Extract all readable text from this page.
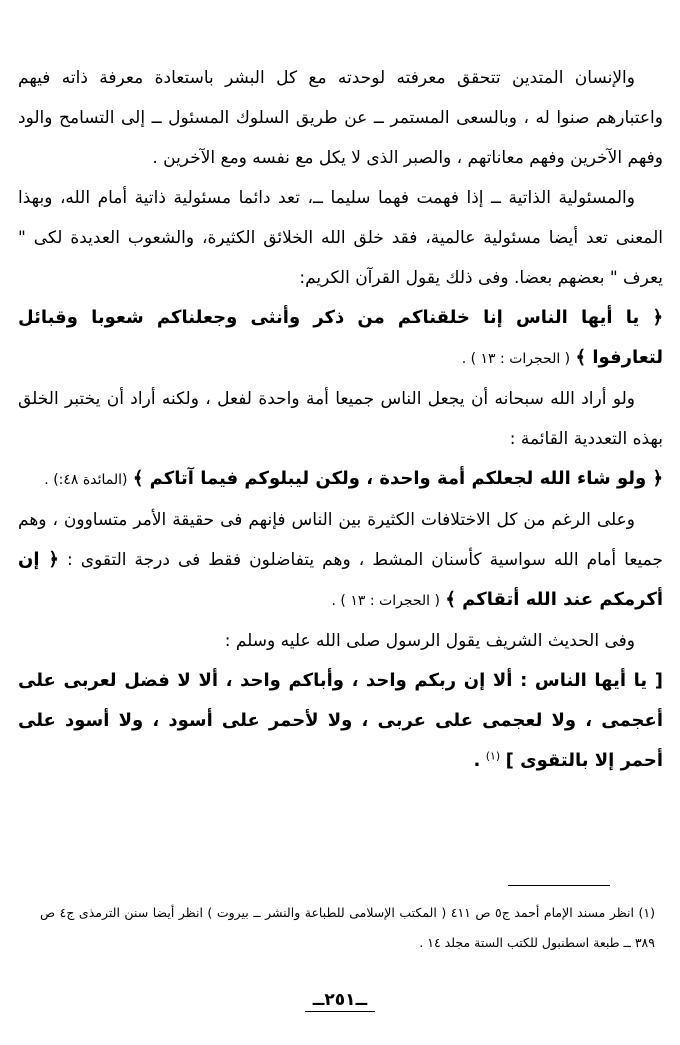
والإنسان المتدين تتحقق معرفته لوحدته مع كل البشر باستعادة معرفة ذاته فيهم واعتبارهم صنوا له ، وبالسعى المستمر ــ عن طريق السلوك المسئول ــ إلى التسامح والود وفهم الآخرين وفهم معاناتهم ، والصبر الذى لا يكل مع نفسه ومع الآخرين .

والمسئولية الذاتية ــ إذا فهمت فهما سليما ــ، تعد دائما مسئولية ذاتية أمام الله، وبهذا المعنى تعد أيضا مسئولية عالمية، فقد خلق الله الخلائق الكثيرة، والشعوب العديدة لكى " يعرف " بعضهم بعضا. وفى ذلك يقول القرآن الكريم:

﴿ يا أيها الناس إنا خلقناكم من ذكر وأنثى وجعلناكم شعوبا وقبائل لتعارفوا ﴾ ( الحجرات : ١٣ ) .

ولو أراد الله سبحانه أن يجعل الناس جميعا أمة واحدة لفعل ، ولكنه أراد أن يختبر الخلق بهذه التعددية القائمة :

﴿ ولو شاء الله لجعلكم أمة واحدة ، ولكن ليبلوكم فيما آتاكم ﴾ (المائدة ٤٨:) .

وعلى الرغم من كل الاختلافات الكثيرة بين الناس فإنهم فى حقيقة الأمر متساوون ، وهم جميعا أمام الله سواسية كأسنان المشط ، وهم يتفاضلون فقط فى درجة التقوى : ﴿ إن أكرمكم عند الله أتقاكم ﴾ ( الحجرات : ١٣ ) .

وفى الحديث الشريف يقول الرسول صلى الله عليه وسلم :

[ يا أيها الناس : ألا إن ربكم واحد ، وأباكم واحد ، ألا لا فضل لعربى على أعجمى ، ولا لعجمى على عربى ، ولا لأحمر على أسود ، ولا أسود على أحمر إلا بالتقوى ] $^{(١)}$ .

(١) انظر مسند الإمام أحمد ج٥ ص ٤١١ ( المكتب الإسلامى للطباعة والنشر ــ بيروت ) انظر أيضا سنن الترمذى ج٤ ص ٣٨٩ ــ طبعة اسطنبول للكتب الستة مجلد ١٤ .

ــ٢٥١ــ
